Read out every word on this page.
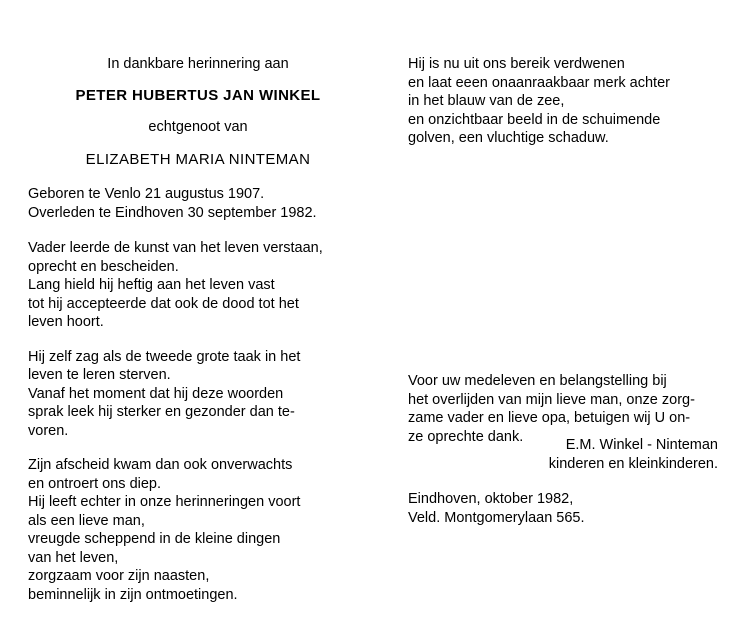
In dankbare herinnering aan
PETER HUBERTUS JAN WINKEL
echtgenoot van
ELIZABETH MARIA NINTEMAN
Geboren te Venlo 21 augustus 1907.
Overleden te Eindhoven 30 september 1982.
Vader leerde de kunst van het leven verstaan,
oprecht en bescheiden.
Lang hield hij heftig aan het leven vast
tot hij accepteerde dat ook de dood tot het
leven hoort.
Hij zelf zag als de tweede grote taak in het
leven te leren sterven.
Vanaf het moment dat hij deze woorden
sprak leek hij sterker en gezonder dan te-
voren.
Zijn afscheid kwam dan ook onverwachts
en ontroert ons diep.
Hij leeft echter in onze herinneringen voort
als een lieve man,
vreugde scheppend in de kleine dingen
van het leven,
zorgzaam voor zijn naasten,
beminnelijk in zijn ontmoetingen.
Hij is nu uit ons bereik verdwenen
en laat eeen onaanraakbaar merk achter
in het blauw van de zee,
en onzichtbaar beeld in de schuimende
golven, een vluchtige schaduw.
Voor uw medeleven en belangstelling bij
het overlijden van mijn lieve man, onze zorg-
zame vader en lieve opa, betuigen wij U on-
ze oprechte dank.
E.M. Winkel - Ninteman
kinderen en kleinkinderen.
Eindhoven, oktober 1982,
Veld. Montgomerylaan 565.
